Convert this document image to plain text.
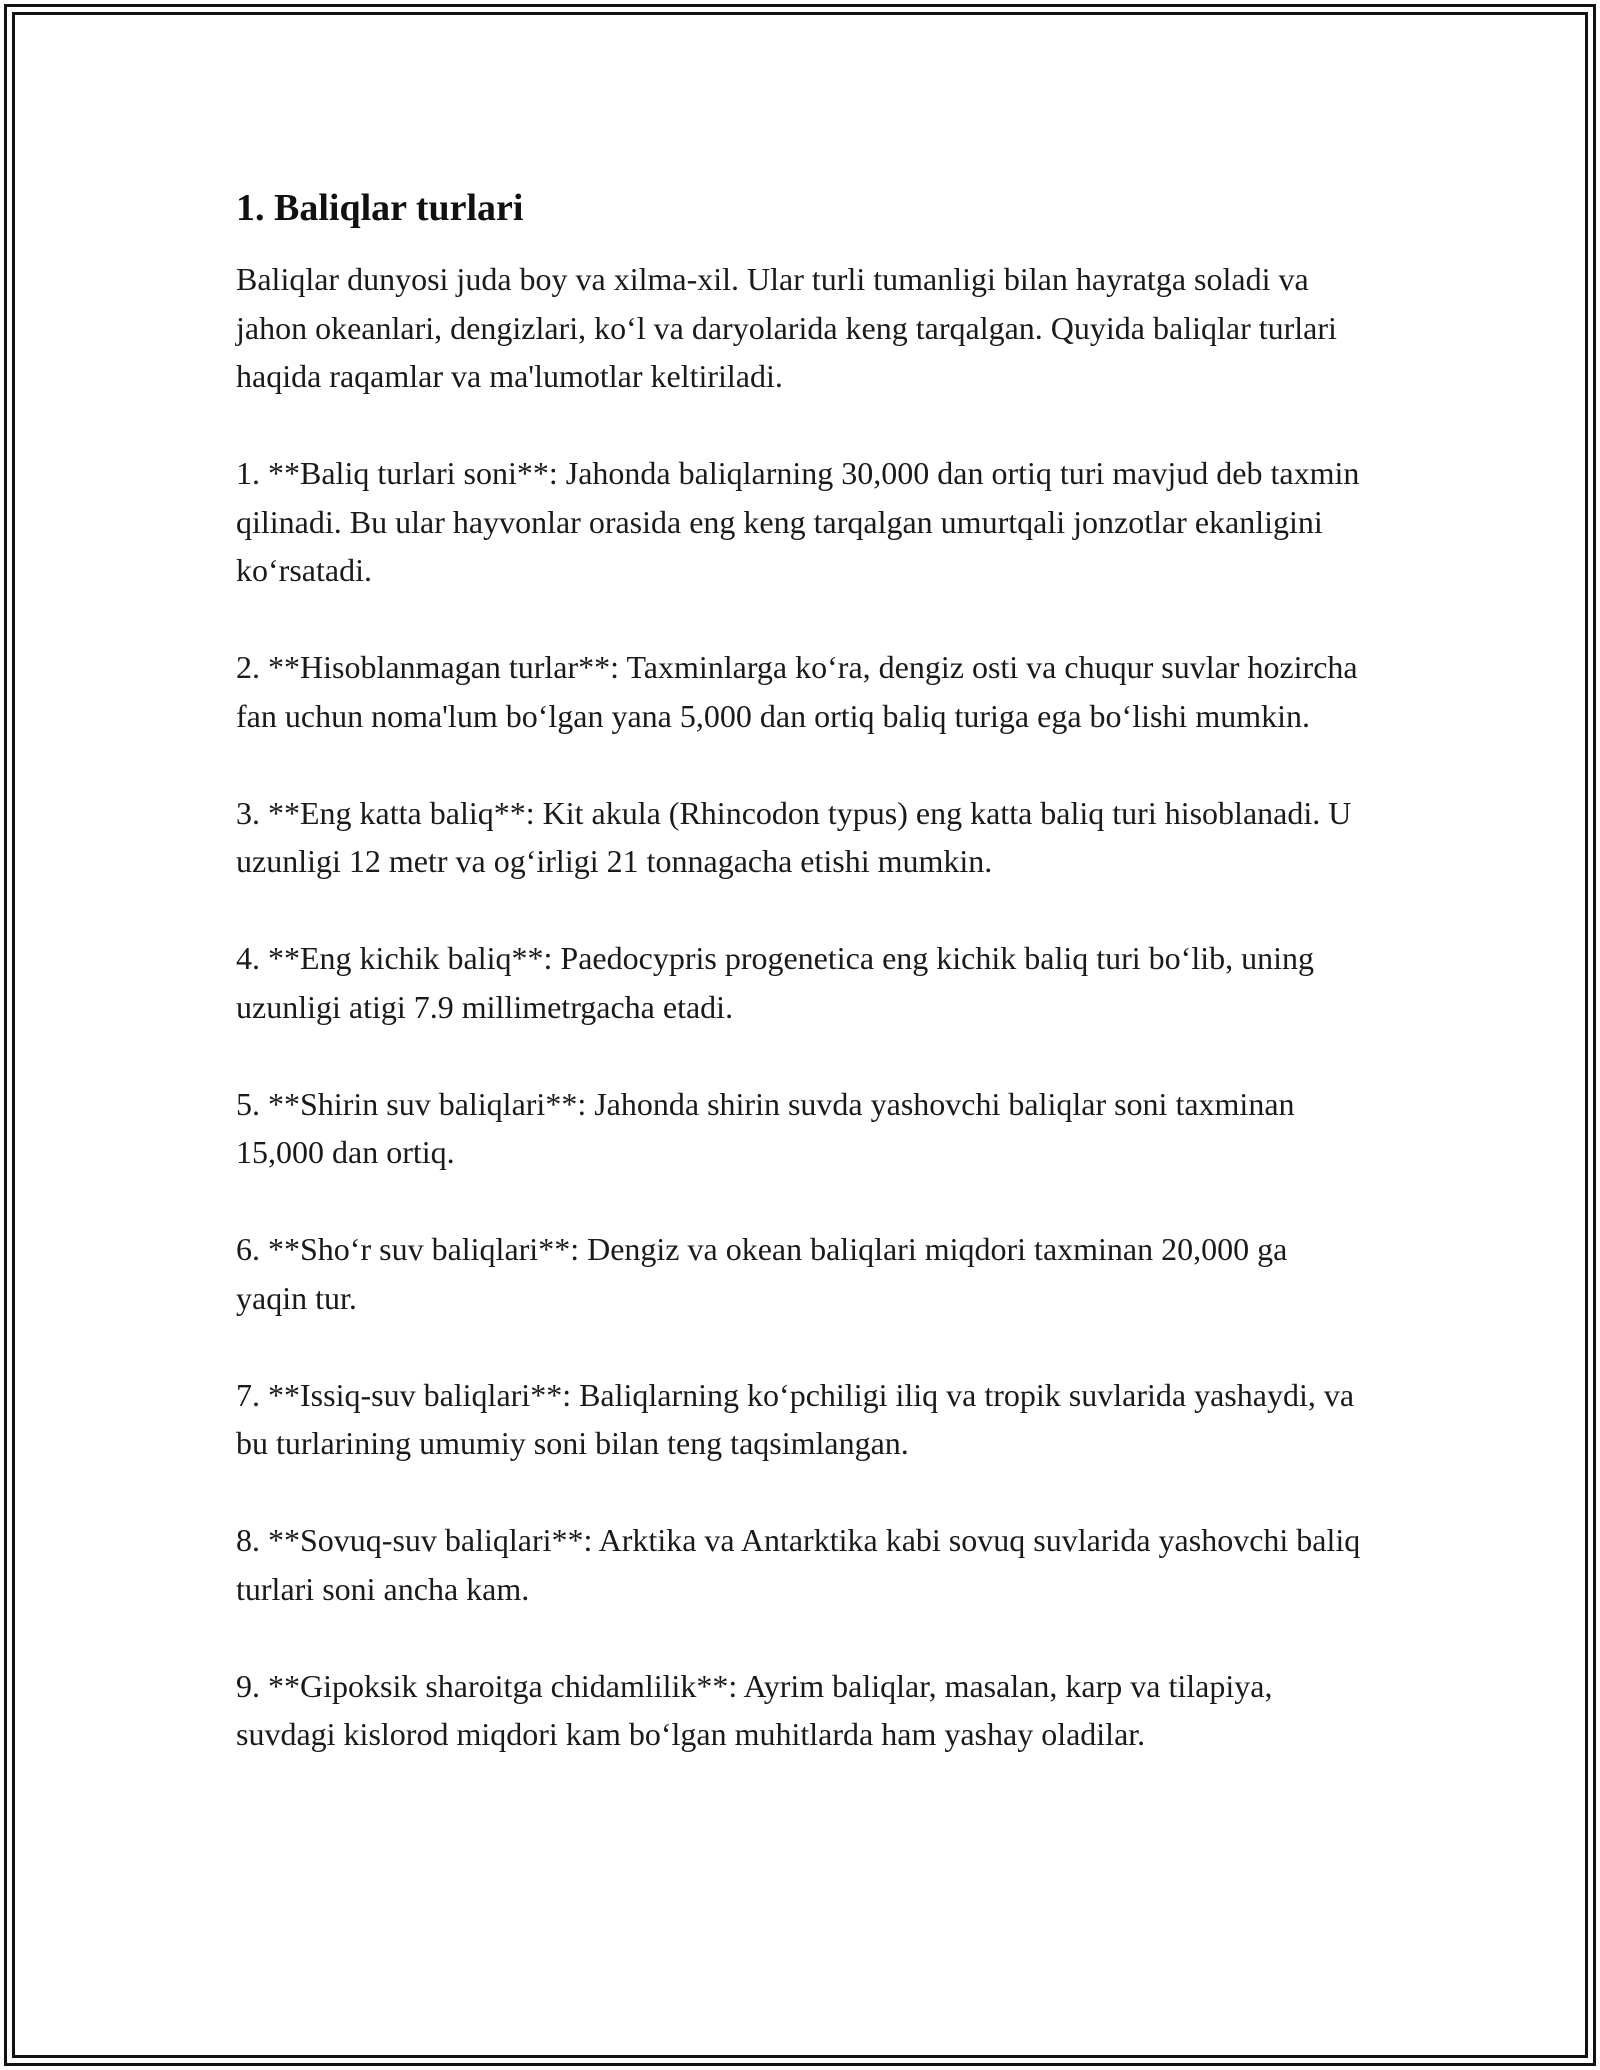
1. Baliqlar turlari

Baliqlar dunyosi juda boy va xilma-xil. Ular turli tumanligi bilan hayratga soladi va jahon okeanlari, dengizlari, ko‘l va daryolarida keng tarqalgan. Quyida baliqlar turlari haqida raqamlar va ma'lumotlar keltiriladi.

1. **Baliq turlari soni**: Jahonda baliqlarning 30,000 dan ortiq turi mavjud deb taxmin qilinadi. Bu ular hayvonlar orasida eng keng tarqalgan umurtqali jonzotlar ekanligini ko‘rsatadi.

2. **Hisoblanmagan turlar**: Taxminlarga ko‘ra, dengiz osti va chuqur suvlar hozircha fan uchun noma'lum bo‘lgan yana 5,000 dan ortiq baliq turiga ega bo‘lishi mumkin.

3. **Eng katta baliq**: Kit akula (Rhincodon typus) eng katta baliq turi hisoblanadi. U uzunligi 12 metr va og‘irligi 21 tonnagacha etishi mumkin.

4. **Eng kichik baliq**: Paedocypris progenetica eng kichik baliq turi bo‘lib, uning uzunligi atigi 7.9 millimetrgacha etadi.

5. **Shirin suv baliqlari**: Jahonda shirin suvda yashovchi baliqlar soni taxminan 15,000 dan ortiq.

6. **Sho‘r suv baliqlari**: Dengiz va okean baliqlari miqdori taxminan 20,000 ga yaqin tur.

7. **Issiq-suv baliqlari**: Baliqlarning ko‘pchiligi iliq va tropik suvlarida yashaydi, va bu turlarining umumiy soni bilan teng taqsimlangan.

8. **Sovuq-suv baliqlari**: Arktika va Antarktika kabi sovuq suvlarida yashovchi baliq turlari soni ancha kam.

9. **Gipoksik sharoitga chidamlilik**: Ayrim baliqlar, masalan, karp va tilapiya, suvdagi kislorod miqdori kam bo‘lgan muhitlarda ham yashay oladilar.
